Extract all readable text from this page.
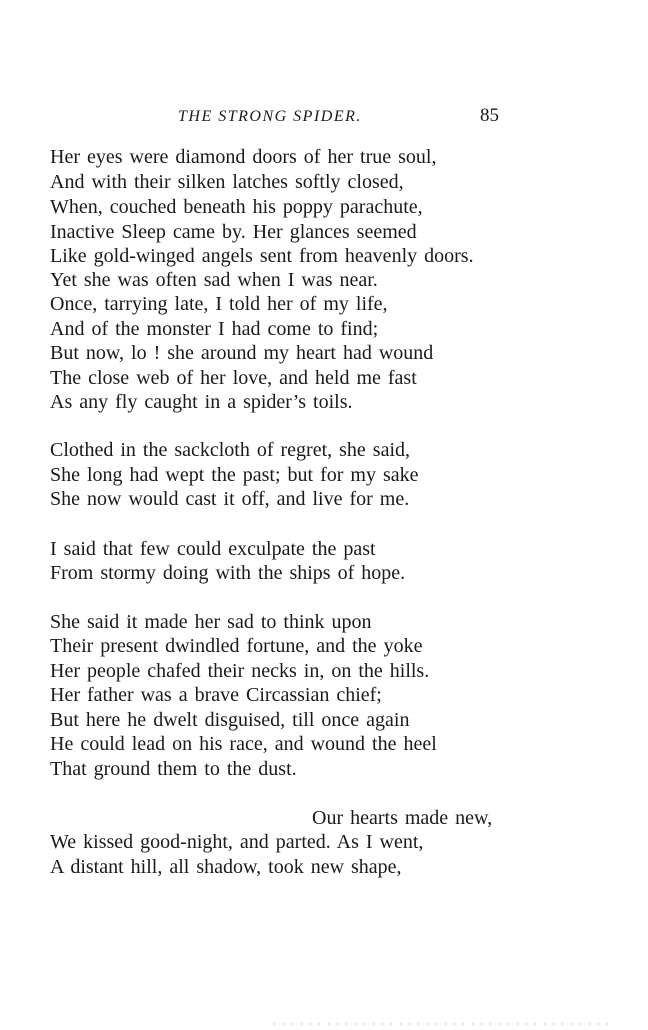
THE STRONG SPIDER.	85
Her eyes were diamond doors of her true soul,
And with their silken latches softly closed,
When, couched beneath his poppy parachute,
Inactive Sleep came by. Her glances seemed
Like gold-winged angels sent from heavenly doors.
Yet she was often sad when I was near.
Once, tarrying late, I told her of my life,
And of the monster I had come to find;
But now, lo ! she around my heart had wound
The close web of her love, and held me fast
As any fly caught in a spider’s toils.
Clothed in the sackcloth of regret, she said,
She long had wept the past; but for my sake
She now would cast it off, and live for me.
I said that few could exculpate the past
From stormy doing with the ships of hope.
She said it made her sad to think upon
Their present dwindled fortune, and the yoke
Her people chafed their necks in, on the hills.
Her father was a brave Circassian chief;
But here he dwelt disguised, till once again
He could lead on his race, and wound the heel
That ground them to the dust.
Our hearts made new,
We kissed good-night, and parted. As I went,
A distant hill, all shadow, took new shape,
